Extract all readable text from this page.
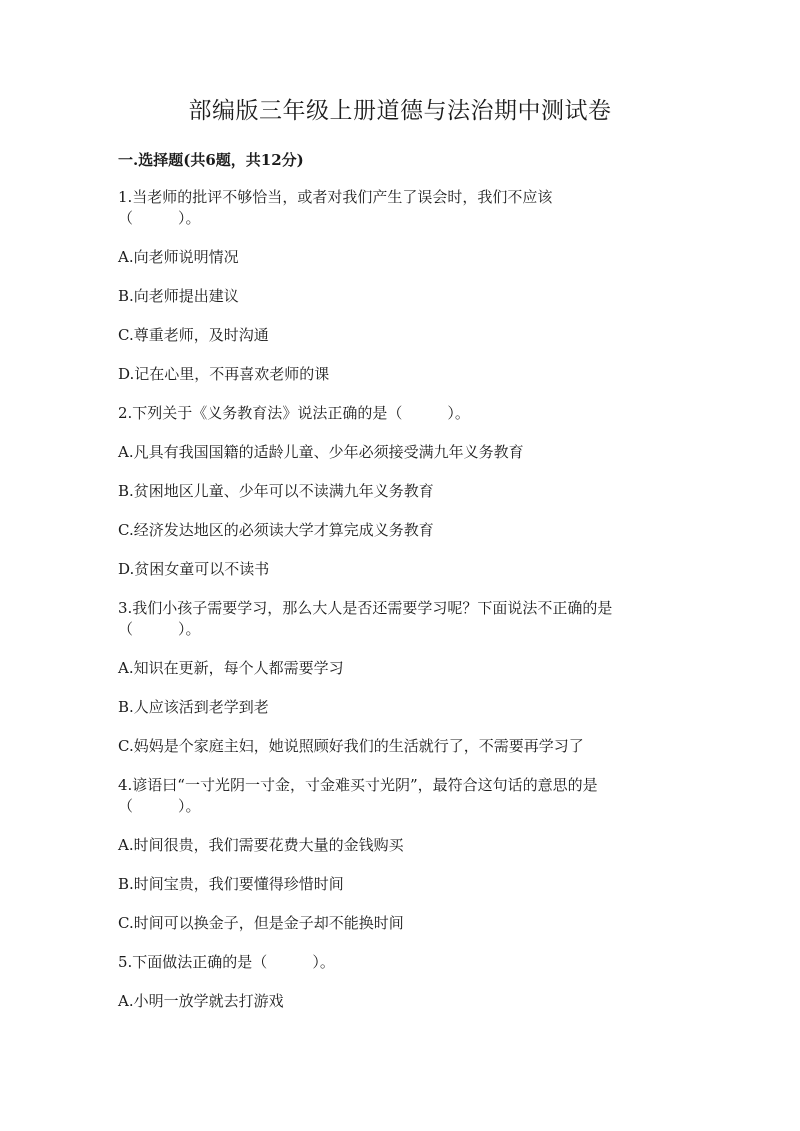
部编版三年级上册道德与法治期中测试卷
一.选择题(共6题，共12分)
1.当老师的批评不够恰当，或者对我们产生了误会时，我们不应该
（　　　）。
A.向老师说明情况
B.向老师提出建议
C.尊重老师，及时沟通
D.记在心里，不再喜欢老师的课
2.下列关于《义务教育法》说法正确的是（　　　）。
A.凡具有我国国籍的适龄儿童、少年必须接受满九年义务教育
B.贫困地区儿童、少年可以不读满九年义务教育
C.经济发达地区的必须读大学才算完成义务教育
D.贫困女童可以不读书
3.我们小孩子需要学习，那么大人是否还需要学习呢？下面说法不正确的是
（　　　）。
A.知识在更新，每个人都需要学习
B.人应该活到老学到老
C.妈妈是个家庭主妇，她说照顾好我们的生活就行了，不需要再学习了
4.谚语曰“一寸光阴一寸金，寸金难买寸光阴”，最符合这句话的意思的是
（　　　）。
A.时间很贵，我们需要花费大量的金钱购买
B.时间宝贵，我们要懂得珍惜时间
C.时间可以换金子，但是金子却不能换时间
5.下面做法正确的是（　　　）。
A.小明一放学就去打游戏
